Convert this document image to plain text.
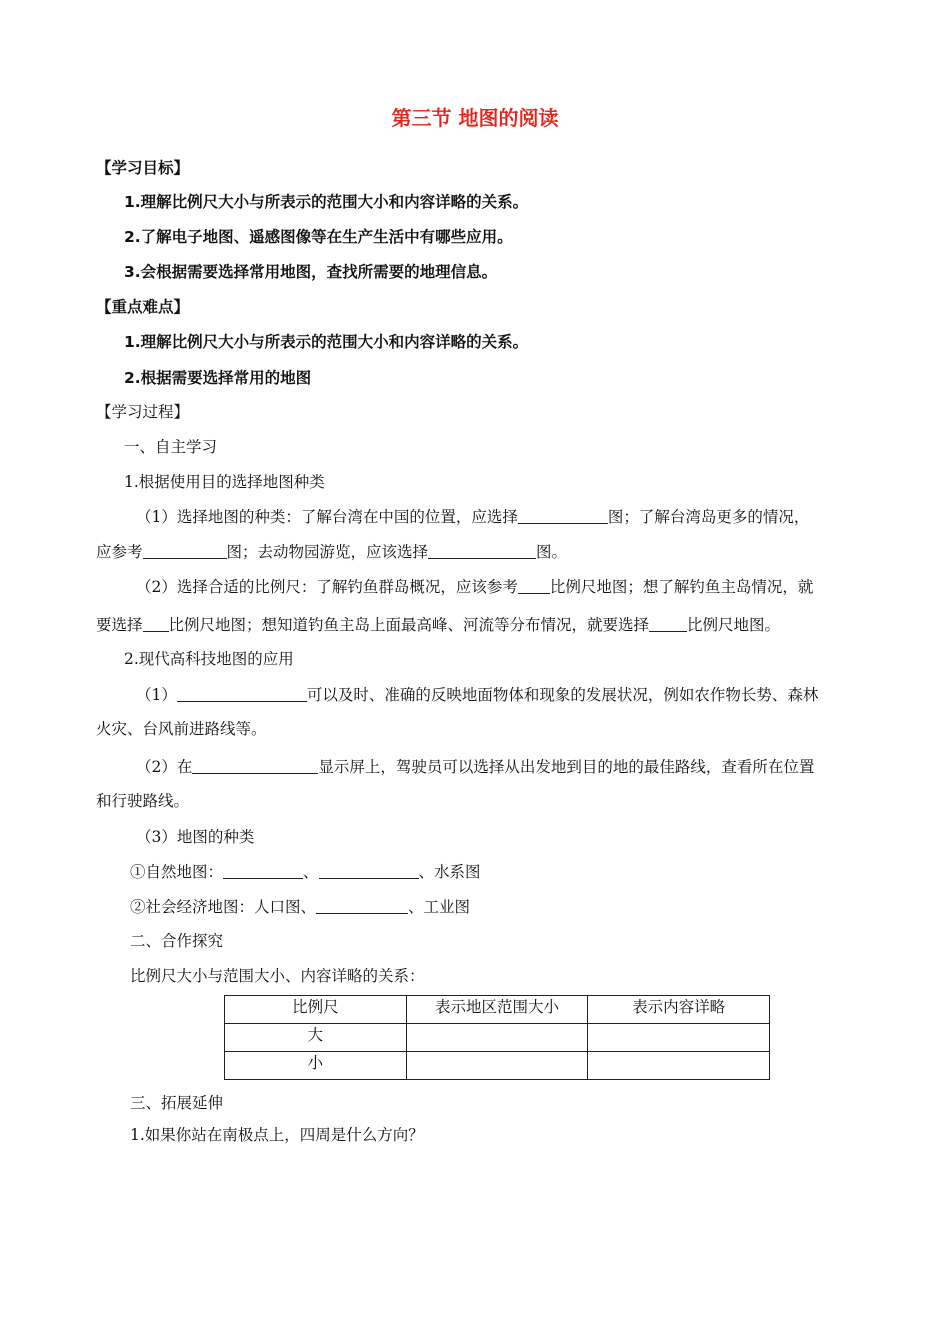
第三节 地图的阅读
【学习目标】
1.理解比例尺大小与所表示的范围大小和内容详略的关系。
2.了解电子地图、遥感图像等在生产生活中有哪些应用。
3.会根据需要选择常用地图，查找所需要的地理信息。
【重点难点】
1.理解比例尺大小与所表示的范围大小和内容详略的关系。
2.根据需要选择常用的地图
【学习过程】
一、自主学习
1.根据使用目的选择地图种类
（1）选择地图的种类：了解台湾在中国的位置，应选择	图；了解台湾岛更多的情况，
应参考	图；去动物园游览，应该选择	图。
（2）选择合适的比例尺：了解钓鱼群岛概况，应该参考 比例尺地图；想了解钓鱼主岛情况，就
要选择 比例尺地图；想知道钓鱼主岛上面最高峰、河流等分布情况，就要选择 比例尺地图。
2.现代高科技地图的应用
（1）	可以及时、准确的反映地面物体和现象的发展状况，例如农作物长势、森林
火灾、台风前进路线等。
（2）在	显示屏上，驾驶员可以选择从出发地到目的地的最佳路线，查看所在位置
和行驶路线。
（3）地图的种类
①自然地图：	、	、水系图
②社会经济地图：人口图、	、工业图
二、合作探究
比例尺大小与范围大小、内容详略的关系：
比例尺	表示地区范围大小	表示内容详略
大		
小		
三、拓展延伸
1.如果你站在南极点上，四周是什么方向？
